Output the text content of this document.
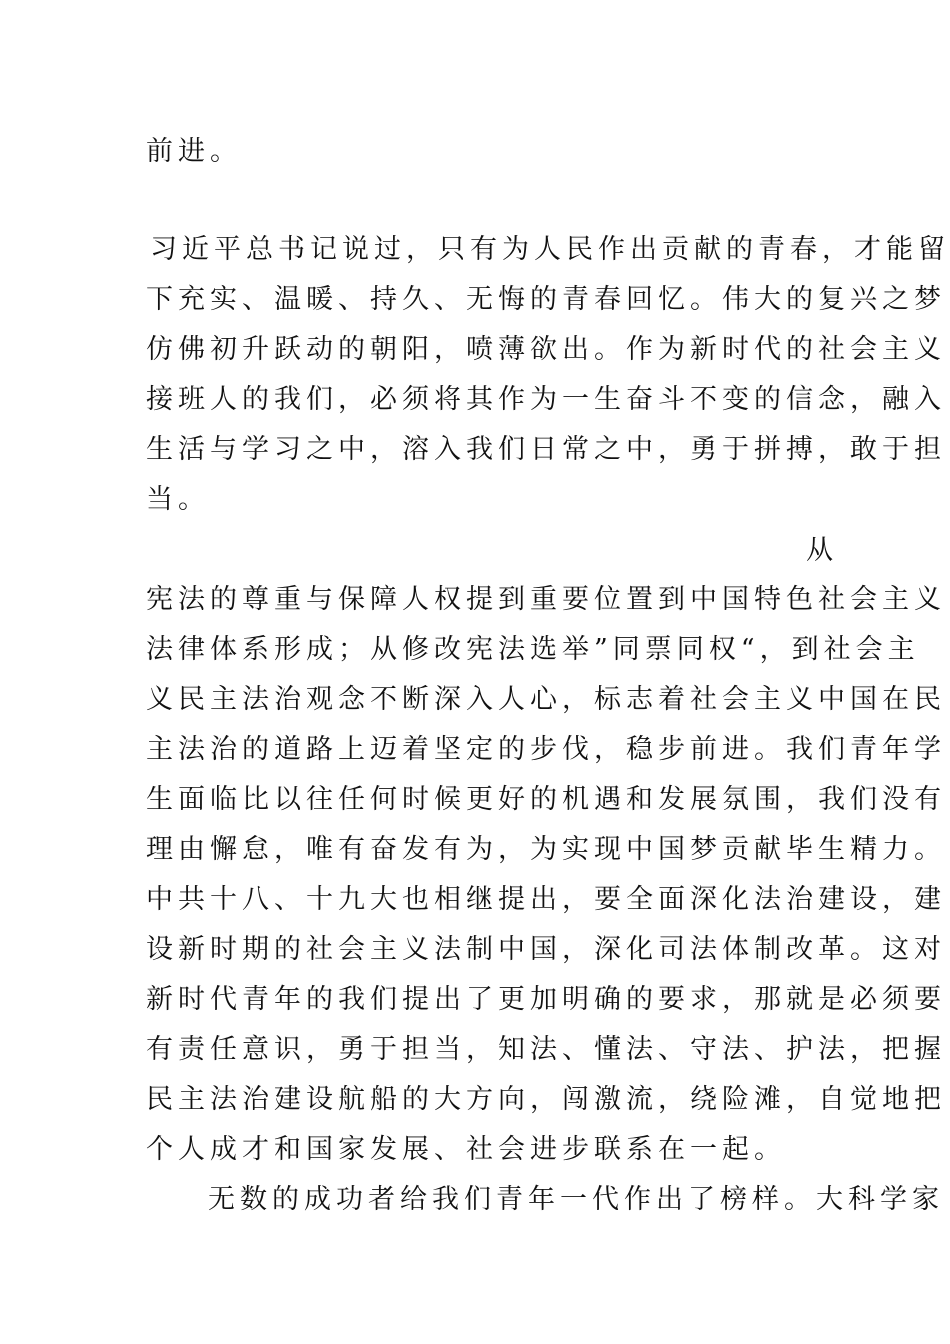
前进。
习近平总书记说过，只有为人民作出贡献的青春，才能留
下充实、温暖、持久、无悔的青春回忆。伟大的复兴之梦
仿佛初升跃动的朝阳，喷薄欲出。作为新时代的社会主义
接班人的我们，必须将其作为一生奋斗不变的信念，融入
生活与学习之中，溶入我们日常之中，勇于拼搏，敢于担
当。
从
宪法的尊重与保障人权提到重要位置到中国特色社会主义
法律体系形成；从修改宪法选举”同票同权“，到社会主
义民主法治观念不断深入人心，标志着社会主义中国在民
主法治的道路上迈着坚定的步伐，稳步前进。我们青年学
生面临比以往任何时候更好的机遇和发展氛围，我们没有
理由懈怠，唯有奋发有为，为实现中国梦贡献毕生精力。
中共十八、十九大也相继提出，要全面深化法治建设，建
设新时期的社会主义法制中国，深化司法体制改革。这对
新时代青年的我们提出了更加明确的要求，那就是必须要
有责任意识，勇于担当，知法、懂法、守法、护法，把握
民主法治建设航船的大方向，闯激流，绕险滩，自觉地把
个人成才和国家发展、社会进步联系在一起。
无数的成功者给我们青年一代作出了榜样。大科学家
